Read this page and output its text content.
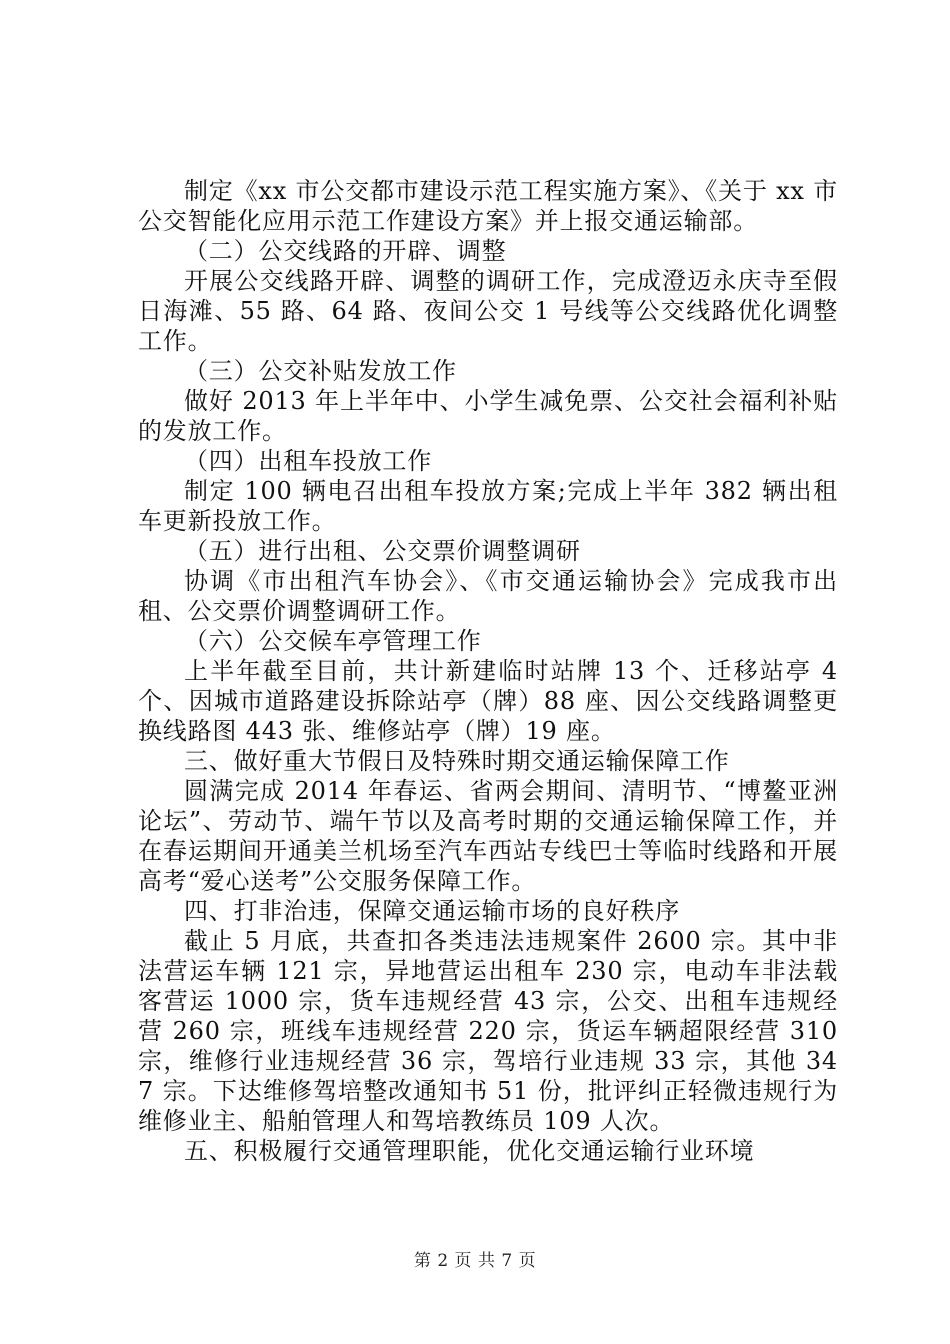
制定《xx 市公交都市建设示范工程实施方案》、《关于 xx 市公交智能化应用示范工作建设方案》并上报交通运输部。

（二）公交线路的开辟、调整

开展公交线路开辟、调整的调研工作，完成澄迈永庆寺至假日海滩、55 路、64 路、夜间公交 1 号线等公交线路优化调整工作。

（三）公交补贴发放工作

做好 2013 年上半年中、小学生减免票、公交社会福利补贴的发放工作。

（四）出租车投放工作

制定 100 辆电召出租车投放方案;完成上半年 382 辆出租车更新投放工作。

（五）进行出租、公交票价调整调研

协调《市出租汽车协会》、《市交通运输协会》完成我市出租、公交票价调整调研工作。

（六）公交候车亭管理工作

上半年截至目前，共计新建临时站牌 13 个、迁移站亭 4 个、因城市道路建设拆除站亭（牌）88 座、因公交线路调整更换线路图 443 张、维修站亭（牌）19 座。

三、做好重大节假日及特殊时期交通运输保障工作

圆满完成 2014 年春运、省两会期间、清明节、“博鳌亚洲论坛”、劳动节、端午节以及高考时期的交通运输保障工作，并在春运期间开通美兰机场至汽车西站专线巴士等临时线路和开展高考“爱心送考”公交服务保障工作。

四、打非治违，保障交通运输市场的良好秩序

截止 5 月底，共查扣各类违法违规案件 2600 宗。其中非法营运车辆 121 宗，异地营运出租车 230 宗，电动车非法载客营运 1000 宗，货车违规经营 43 宗，公交、出租车违规经营 260 宗，班线车违规经营 220 宗，货运车辆超限经营 310 宗，维修行业违规经营 36 宗，驾培行业违规 33 宗，其他 347 宗。下达维修驾培整改通知书 51 份，批评纠正轻微违规行为维修业主、船舶管理人和驾培教练员 109 人次。

五、积极履行交通管理职能，优化交通运输行业环境

第 2 页 共 7 页
